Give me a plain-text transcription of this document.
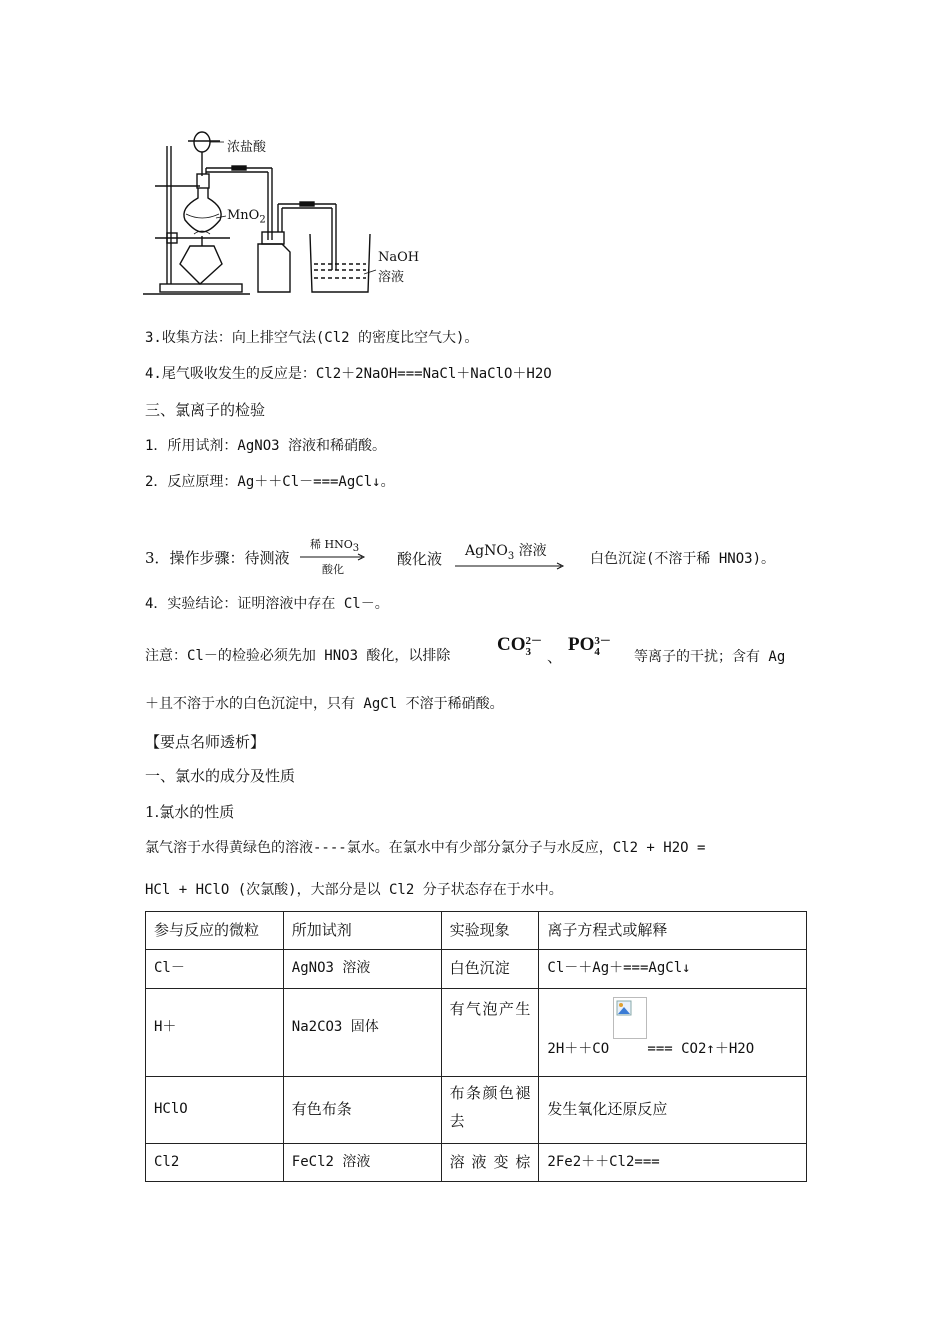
浓盐酸
MnO$_2$
NaOH
溶液
3.收集方法：向上排空气法(Cl2 的密度比空气大)。
4.尾气吸收发生的反应是：Cl2＋2NaOH===NaCl＋NaClO＋H2O
三、氯离子的检验
1．所用试剂：AgNO3 溶液和稀硝酸。
2．反应原理：Ag＋＋Cl－===AgCl↓。
3．操作步骤：待测液
稀 $HNO_3$
酸化
酸化液 AgNO$_3$ 溶液	白色沉淀(不溶于稀 HNO3)。
4．实验结论：证明溶液中存在 Cl－。
注意：Cl－的检验必须先加 HNO3 酸化，以排除
CO 2－
3 、
PO 3－
4 等离子的干扰；含有 Ag
＋且不溶于水的白色沉淀中，只有 AgCl 不溶于稀硝酸。
【要点名师透析】
一、氯水的成分及性质
1.氯水的性质
氯气溶于水得黄绿色的溶液----氯水。在氯水中有少部分氯分子与水反应，Cl2 + H2O =
HCl + HClO (次氯酸)，大部分是以 Cl2 分子状态存在于水中。
参与反应的微粒	所加试剂	实验现象	离子方程式或解释
Cl－	AgNO3 溶液	白色沉淀	Cl－＋Ag＋===AgCl↓
H＋	Na2CO3 固体	有气泡产生	2H＋＋CO === CO2↑＋H2O

HClO	有色布条	布条颜色褪去	发生氧化还原反应
Cl2	FeCl2 溶液	溶液变棕	2Fe2＋＋Cl2===
